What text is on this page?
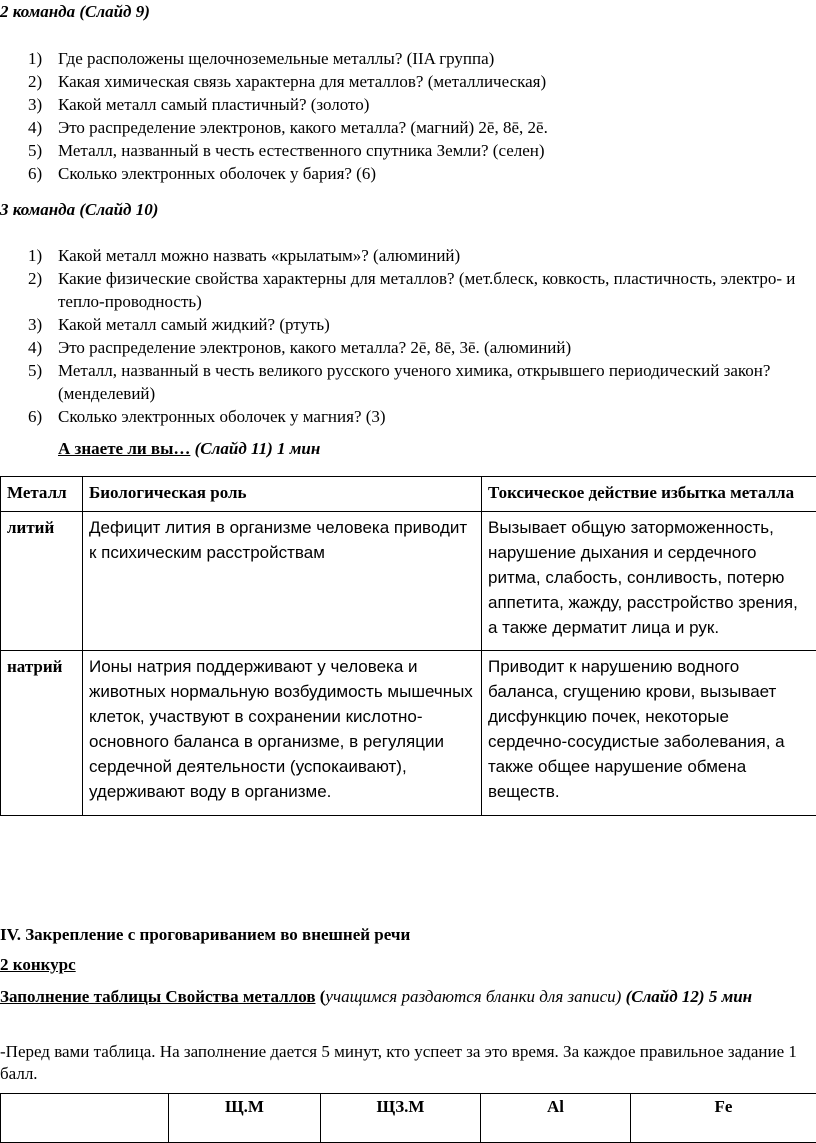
2 команда (Слайд 9)
1) Где расположены щелочноземельные металлы? (IIA группа)
2) Какая химическая связь характерна для металлов? (металлическая)
3) Какой металл самый пластичный? (золото)
4) Это распределение электронов, какого металла? (магний) 2ē, 8ē, 2ē.
5) Металл, названный в честь естественного спутника Земли? (селен)
6) Сколько электронных оболочек у бария? (6)
3 команда (Слайд 10)
1) Какой металл можно назвать «крылатым»? (алюминий)
2) Какие физические свойства характерны для металлов? (мет.блеск, ковкость, пластичность, электро- и тепло-проводность)
3) Какой металл самый жидкий? (ртуть)
4) Это распределение электронов, какого металла? 2ē, 8ē, 3ē. (алюминий)
5) Металл, названный в честь великого русского ученого химика, открывшего периодический закон? (менделевий)
6) Сколько электронных оболочек у магния? (3)
А знаете ли вы… (Слайд 11) 1 мин
Металл	Биологическая роль	Токсическое действие избытка металла
литий	Дефицит лития в организме человека приводит к психическим расстройствам	Вызывает общую заторможенность, нарушение дыхания и сердечного ритма, слабость, сонливость, потерю аппетита, жажду, расстройство зрения, а также дерматит лица и рук.
натрий	Ионы натрия поддерживают у человека и животных нормальную возбудимость мышечных клеток, участвуют в сохранении кислотно-основного баланса в организме, в регуляции сердечной деятельности (успокаивают), удерживают воду в организме.	Приводит к нарушению водного баланса, сгущению крови, вызывает дисфункцию почек, некоторые сердечно-сосудистые заболевания, а также общее нарушение обмена веществ.
IV. Закрепление с проговариванием во внешней речи
2 конкурс
Заполнение таблицы Свойства металлов (учащимся раздаются бланки для записи) (Слайд 12) 5 мин
-Перед вами таблица. На заполнение дается 5 минут, кто успеет за это время. За каждое правильное задание 1 балл.
	Щ.М	ЩЗ.М	Al	Fe
